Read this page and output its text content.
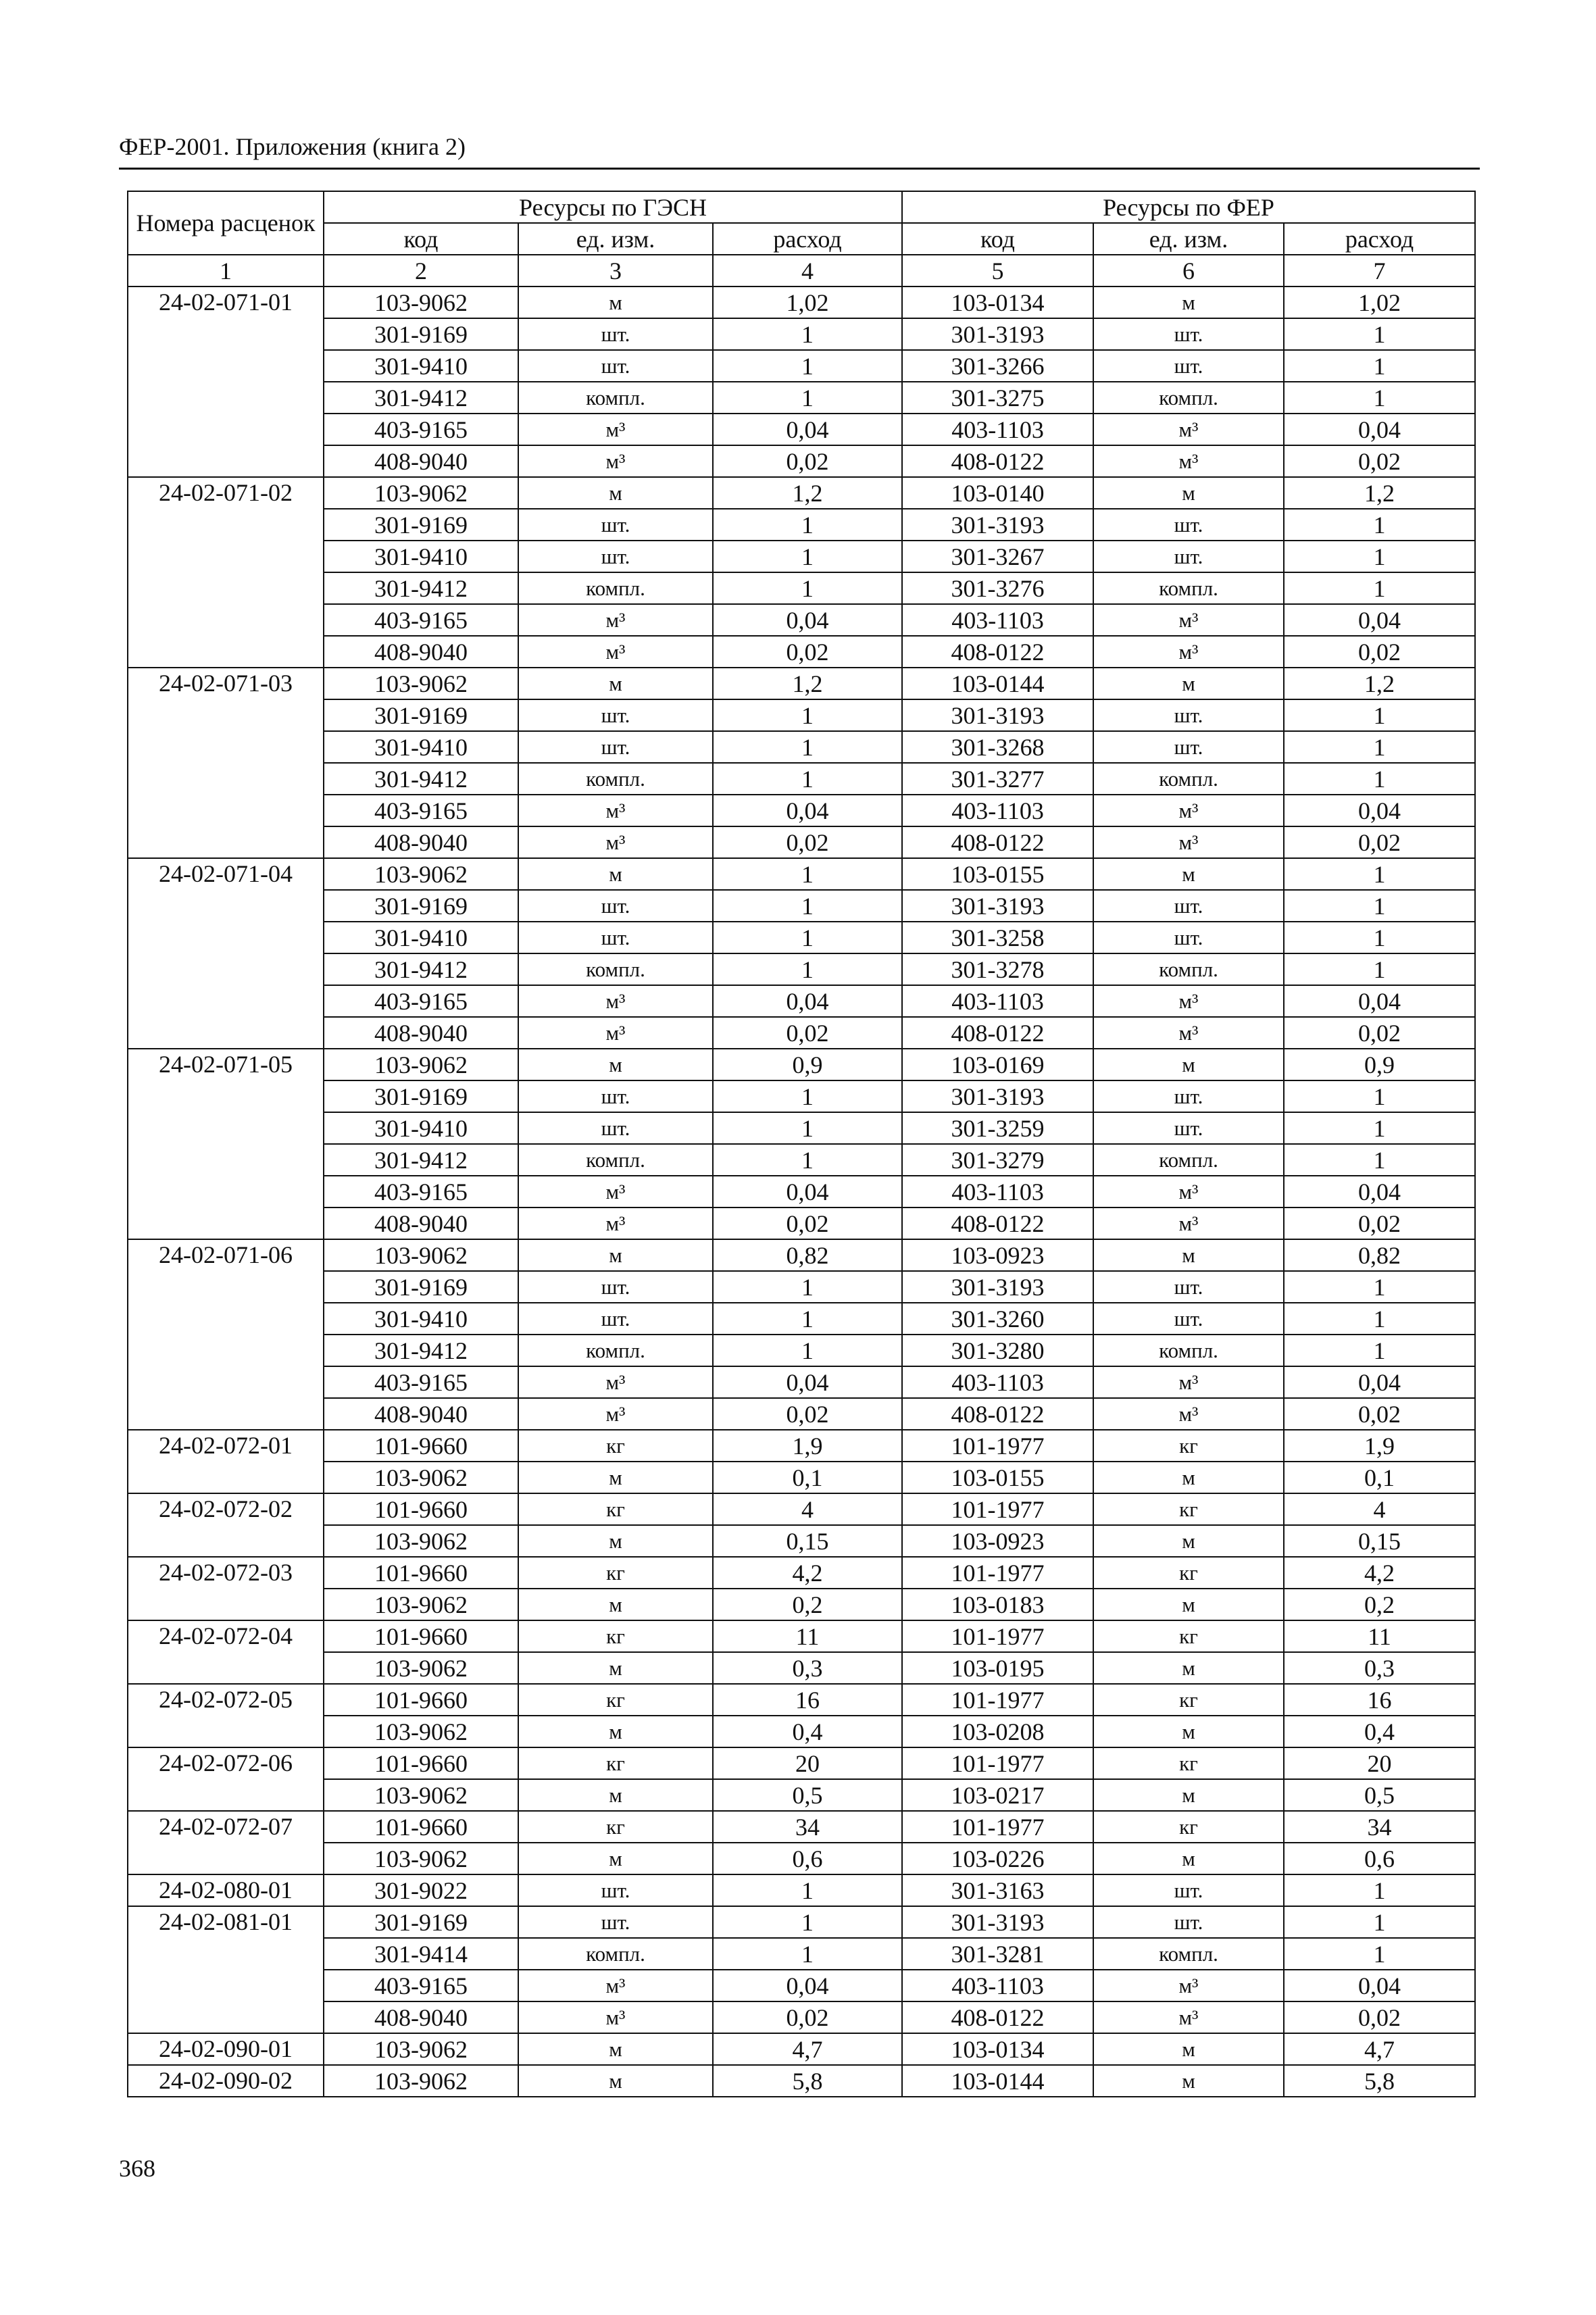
ФЕР-2001. Приложения (книга 2)
Номера расценок	Ресурсы по ГЭСН			Ресурсы по ФЕР		
	код	ед. изм.	расход	код	ед. изм.	расход
1	2	3	4	5	6	7
24-02-071-01	103-9062	м	1,02	103-0134	м	1,02
	301-9169	шт.	1	301-3193	шт.	1
	301-9410	шт.	1	301-3266	шт.	1
	301-9412	компл.	1	301-3275	компл.	1
	403-9165	м³	0,04	403-1103	м³	0,04
	408-9040	м³	0,02	408-0122	м³	0,02
24-02-071-02	103-9062	м	1,2	103-0140	м	1,2
	301-9169	шт.	1	301-3193	шт.	1
	301-9410	шт.	1	301-3267	шт.	1
	301-9412	компл.	1	301-3276	компл.	1
	403-9165	м³	0,04	403-1103	м³	0,04
	408-9040	м³	0,02	408-0122	м³	0,02
24-02-071-03	103-9062	м	1,2	103-0144	м	1,2
	301-9169	шт.	1	301-3193	шт.	1
	301-9410	шт.	1	301-3268	шт.	1
	301-9412	компл.	1	301-3277	компл.	1
	403-9165	м³	0,04	403-1103	м³	0,04
	408-9040	м³	0,02	408-0122	м³	0,02
24-02-071-04	103-9062	м	1	103-0155	м	1
	301-9169	шт.	1	301-3193	шт.	1
	301-9410	шт.	1	301-3258	шт.	1
	301-9412	компл.	1	301-3278	компл.	1
	403-9165	м³	0,04	403-1103	м³	0,04
	408-9040	м³	0,02	408-0122	м³	0,02
24-02-071-05	103-9062	м	0,9	103-0169	м	0,9
	301-9169	шт.	1	301-3193	шт.	1
	301-9410	шт.	1	301-3259	шт.	1
	301-9412	компл.	1	301-3279	компл.	1
	403-9165	м³	0,04	403-1103	м³	0,04
	408-9040	м³	0,02	408-0122	м³	0,02
24-02-071-06	103-9062	м	0,82	103-0923	м	0,82
	301-9169	шт.	1	301-3193	шт.	1
	301-9410	шт.	1	301-3260	шт.	1
	301-9412	компл.	1	301-3280	компл.	1
	403-9165	м³	0,04	403-1103	м³	0,04
	408-9040	м³	0,02	408-0122	м³	0,02
24-02-072-01	101-9660	кг	1,9	101-1977	кг	1,9
	103-9062	м	0,1	103-0155	м	0,1
24-02-072-02	101-9660	кг	4	101-1977	кг	4
	103-9062	м	0,15	103-0923	м	0,15
24-02-072-03	101-9660	кг	4,2	101-1977	кг	4,2
	103-9062	м	0,2	103-0183	м	0,2
24-02-072-04	101-9660	кг	11	101-1977	кг	11
	103-9062	м	0,3	103-0195	м	0,3
24-02-072-05	101-9660	кг	16	101-1977	кг	16
	103-9062	м	0,4	103-0208	м	0,4
24-02-072-06	101-9660	кг	20	101-1977	кг	20
	103-9062	м	0,5	103-0217	м	0,5
24-02-072-07	101-9660	кг	34	101-1977	кг	34
	103-9062	м	0,6	103-0226	м	0,6
24-02-080-01	301-9022	шт.	1	301-3163	шт.	1
24-02-081-01	301-9169	шт.	1	301-3193	шт.	1
	301-9414	компл.	1	301-3281	компл.	1
	403-9165	м³	0,04	403-1103	м³	0,04
	408-9040	м³	0,02	408-0122	м³	0,02
24-02-090-01	103-9062	м	4,7	103-0134	м	4,7
24-02-090-02	103-9062	м	5,8	103-0144	м	5,8
368
